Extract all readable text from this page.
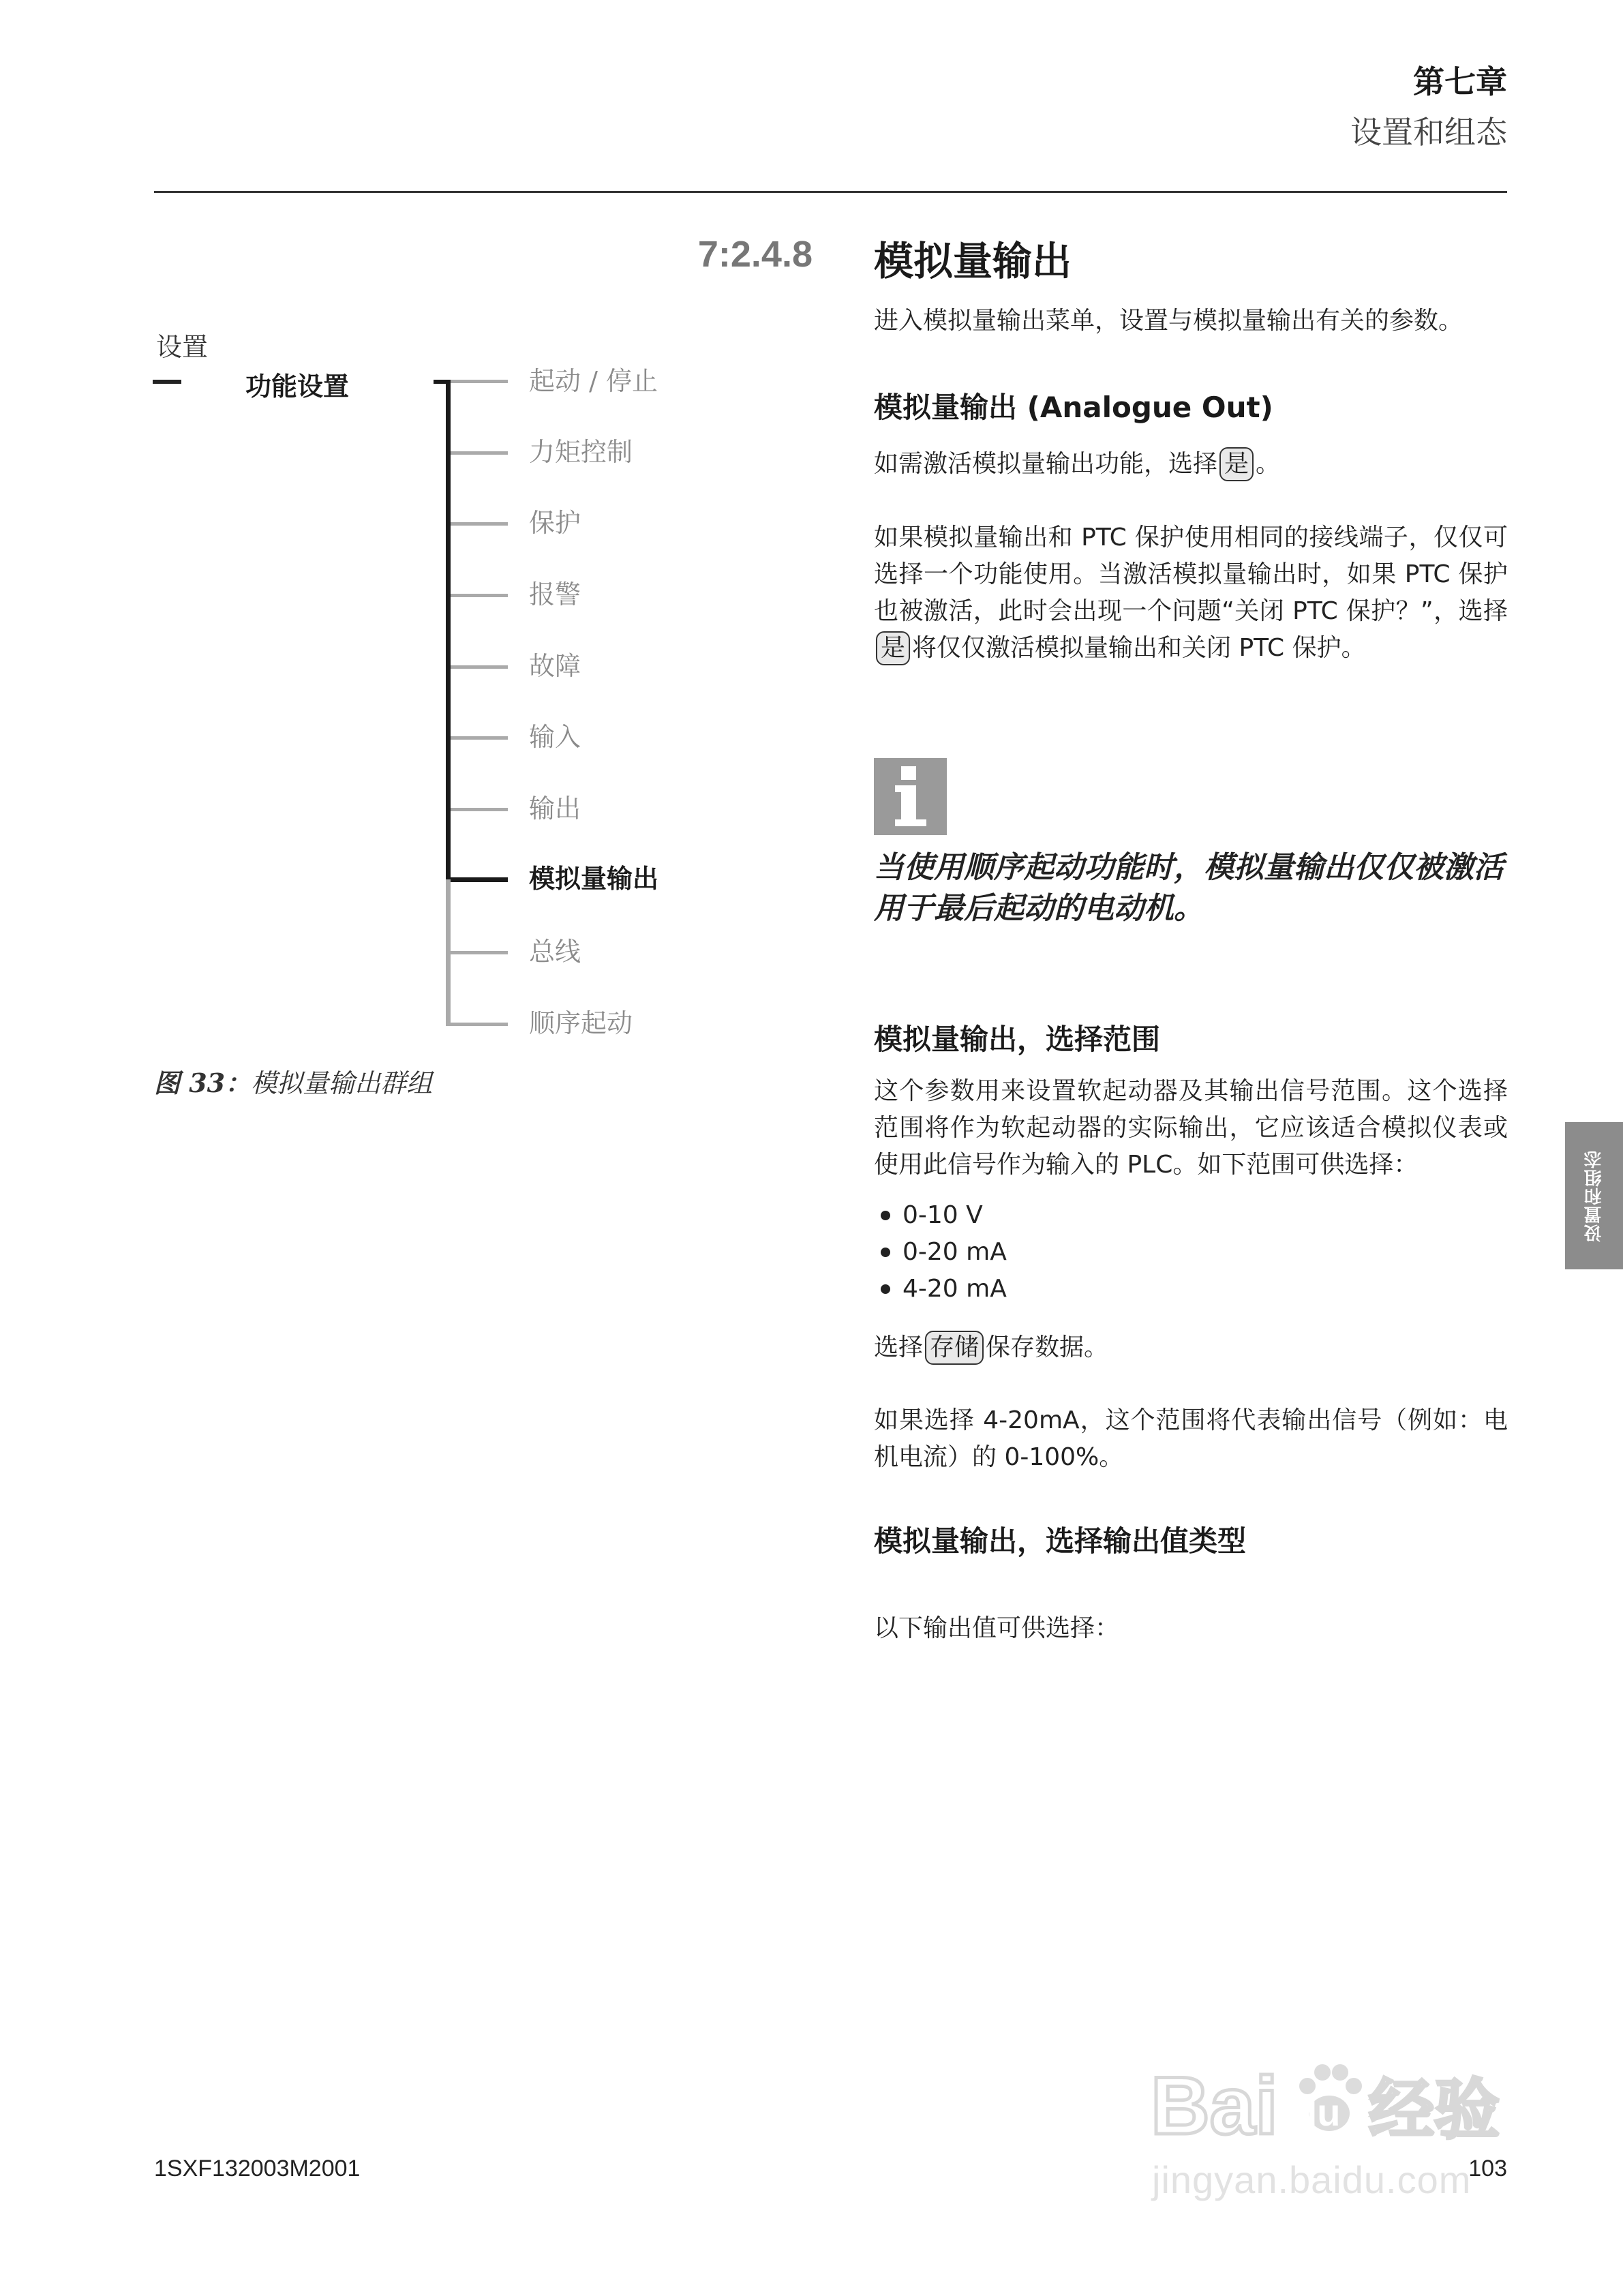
第七章
设置和组态
7:2.4.8 模拟量输出
设置
功能设置	起动 / 停止
力矩控制
保护
报警
故障
输入
输出
模拟量输出
总线
顺序起动
图 33：模拟量输出群组
进入模拟量输出菜单，设置与模拟量输出有关的参数。
模拟量输出 (Analogue Out)
如需激活模拟量输出功能，选择 是 。
如果模拟量输出和 PTC 保护使用相同的接线端子，仅仅可选择一个功能使用。当激活模拟量输出时，如果 PTC 保护也被激活，此时会出现一个问题“关闭 PTC 保护？”，选择是 将仅仅激活模拟量输出和关闭 PTC 保护。
当使用顺序起动功能时，模拟量输出仅仅被激活用于最后起动的电动机。
模拟量输出，选择范围
这个参数用来设置软起动器及其输出信号范围。这个选择范围将作为软起动器的实际输出，它应该适合模拟仪表或使用此信号作为输入的 PLC。如下范围可供选择：
0-10 V
0-20 mA
4-20 mA
选择 存储 保存数据。
如果选择 4-20mA，这个范围将代表输出信号（例如：电机电流）的 0-100%。
模拟量输出，选择输出值类型
以下输出值可供选择：
设置和组态
1SXF132003M2001	103
Bai du 经验
jingyan.baidu.com
